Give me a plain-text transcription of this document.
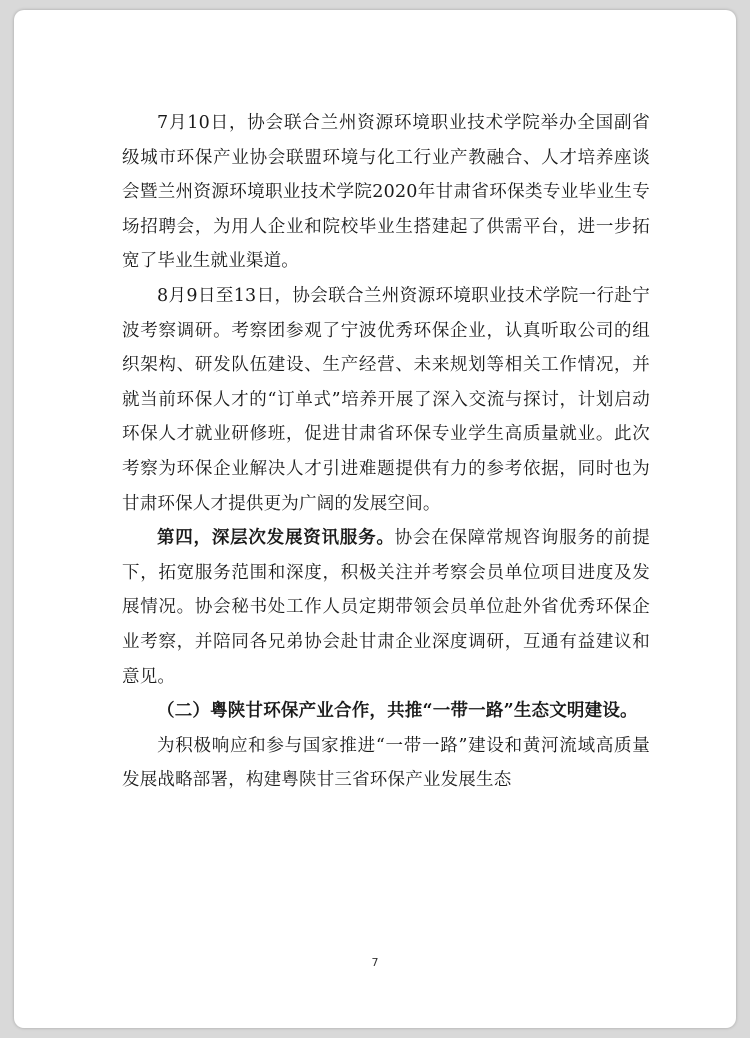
7月10日，协会联合兰州资源环境职业技术学院举办全国副省级城市环保产业协会联盟环境与化工行业产教融合、人才培养座谈会暨兰州资源环境职业技术学院2020年甘肃省环保类专业毕业生专场招聘会，为用人企业和院校毕业生搭建起了供需平台，进一步拓宽了毕业生就业渠道。

8月9日至13日，协会联合兰州资源环境职业技术学院一行赴宁波考察调研。考察团参观了宁波优秀环保企业，认真听取公司的组织架构、研发队伍建设、生产经营、未来规划等相关工作情况，并就当前环保人才的“订单式”培养开展了深入交流与探讨，计划启动环保人才就业研修班，促进甘肃省环保专业学生高质量就业。此次考察为环保企业解决人才引进难题提供有力的参考依据，同时也为甘肃环保人才提供更为广阔的发展空间。

第四，深层次发展资讯服务。协会在保障常规咨询服务的前提下，拓宽服务范围和深度，积极关注并考察会员单位项目进度及发展情况。协会秘书处工作人员定期带领会员单位赴外省优秀环保企业考察，并陪同各兄弟协会赴甘肃企业深度调研，互通有益建议和意见。

（二）粤陕甘环保产业合作，共推“一带一路”生态文明建设。

为积极响应和参与国家推进“一带一路”建设和黄河流域高质量发展战略部署，构建粤陕甘三省环保产业发展生态

7
